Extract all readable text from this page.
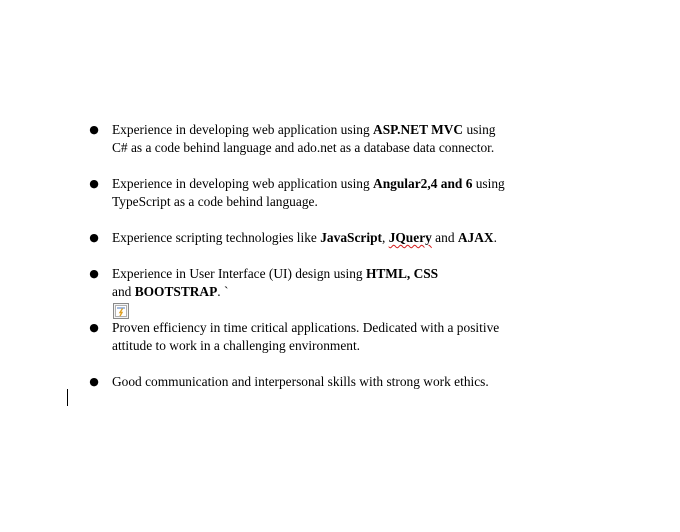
● Experience in developing web application using ASP.NET MVC using
C# as a code behind language and ado.net as a database data connector.
● Experience in developing web application using Angular2,4 and 6 using
TypeScript as a code behind language.
● Experience scripting technologies like JavaScript, JQuery and AJAX.
● Experience in User Interface (UI) design using HTML, CSS
and BOOTSTRAP. `
● Proven efficiency in time critical applications. Dedicated with a positive
attitude to work in a challenging environment.
● Good communication and interpersonal skills with strong work ethics.
